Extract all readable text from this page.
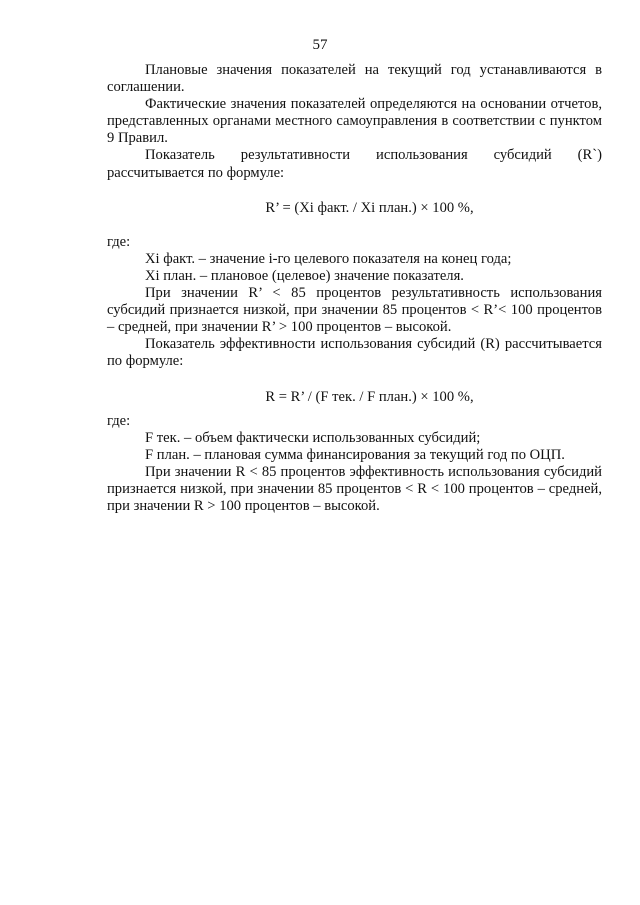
57

Плановые значения показателей на текущий год устанавливаются в соглашении.

Фактические значения показателей определяются на основании отчетов, представленных органами местного самоуправления в соответствии с пунктом 9 Правил.

Показатель результативности использования субсидий (R`) рассчитывается по формуле:

R’ = (Xi факт. / Xi план.) × 100 %,

где:

Xi факт. – значение i-го целевого показателя на конец года;

Xi план. – плановое (целевое) значение показателя.

При значении R’ < 85 процентов результативность использования субсидий признается низкой, при значении 85 процентов < R’< 100 процентов – средней, при значении R’ > 100 процентов – высокой.

Показатель эффективности использования субсидий (R) рассчитывается по формуле:

R = R’ / (F тек. / F план.) × 100 %,

где:

F тек. – объем фактически использованных субсидий;

F план. – плановая сумма финансирования за текущий год по ОЦП.

При значении R < 85 процентов эффективность использования субсидий признается низкой, при значении 85 процентов < R < 100 процентов – средней, при значении R > 100 процентов – высокой.
